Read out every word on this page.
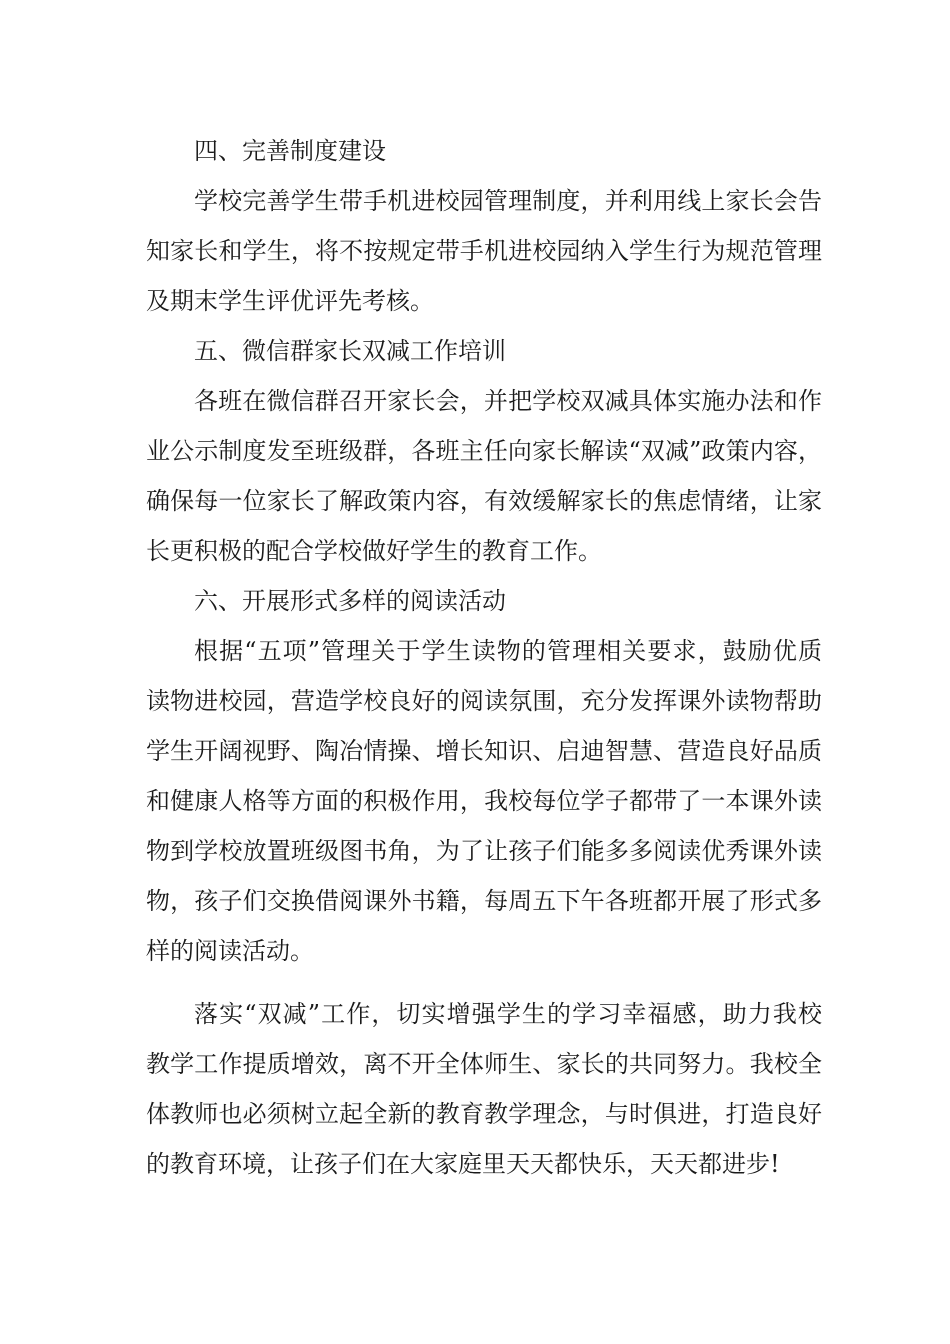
四、完善制度建设
学校完善学生带手机进校园管理制度，并利用线上家长会告
知家长和学生，将不按规定带手机进校园纳入学生行为规范管理
及期末学生评优评先考核。
五、微信群家长双减工作培训
各班在微信群召开家长会，并把学校双减具体实施办法和作
业公示制度发至班级群，各班主任向家长解读“双减”政策内容，
确保每一位家长了解政策内容，有效缓解家长的焦虑情绪，让家
长更积极的配合学校做好学生的教育工作。
六、开展形式多样的阅读活动
根据“五项”管理关于学生读物的管理相关要求，鼓励优质
读物进校园，营造学校良好的阅读氛围，充分发挥课外读物帮助
学生开阔视野、陶冶情操、增长知识、启迪智慧、营造良好品质
和健康人格等方面的积极作用，我校每位学子都带了一本课外读
物到学校放置班级图书角，为了让孩子们能多多阅读优秀课外读
物，孩子们交换借阅课外书籍，每周五下午各班都开展了形式多
样的阅读活动。
落实“双减”工作，切实增强学生的学习幸福感，助力我校
教学工作提质增效，离不开全体师生、家长的共同努力。我校全
体教师也必须树立起全新的教育教学理念，与时俱进，打造良好
的教育环境，让孩子们在大家庭里天天都快乐，天天都进步!
